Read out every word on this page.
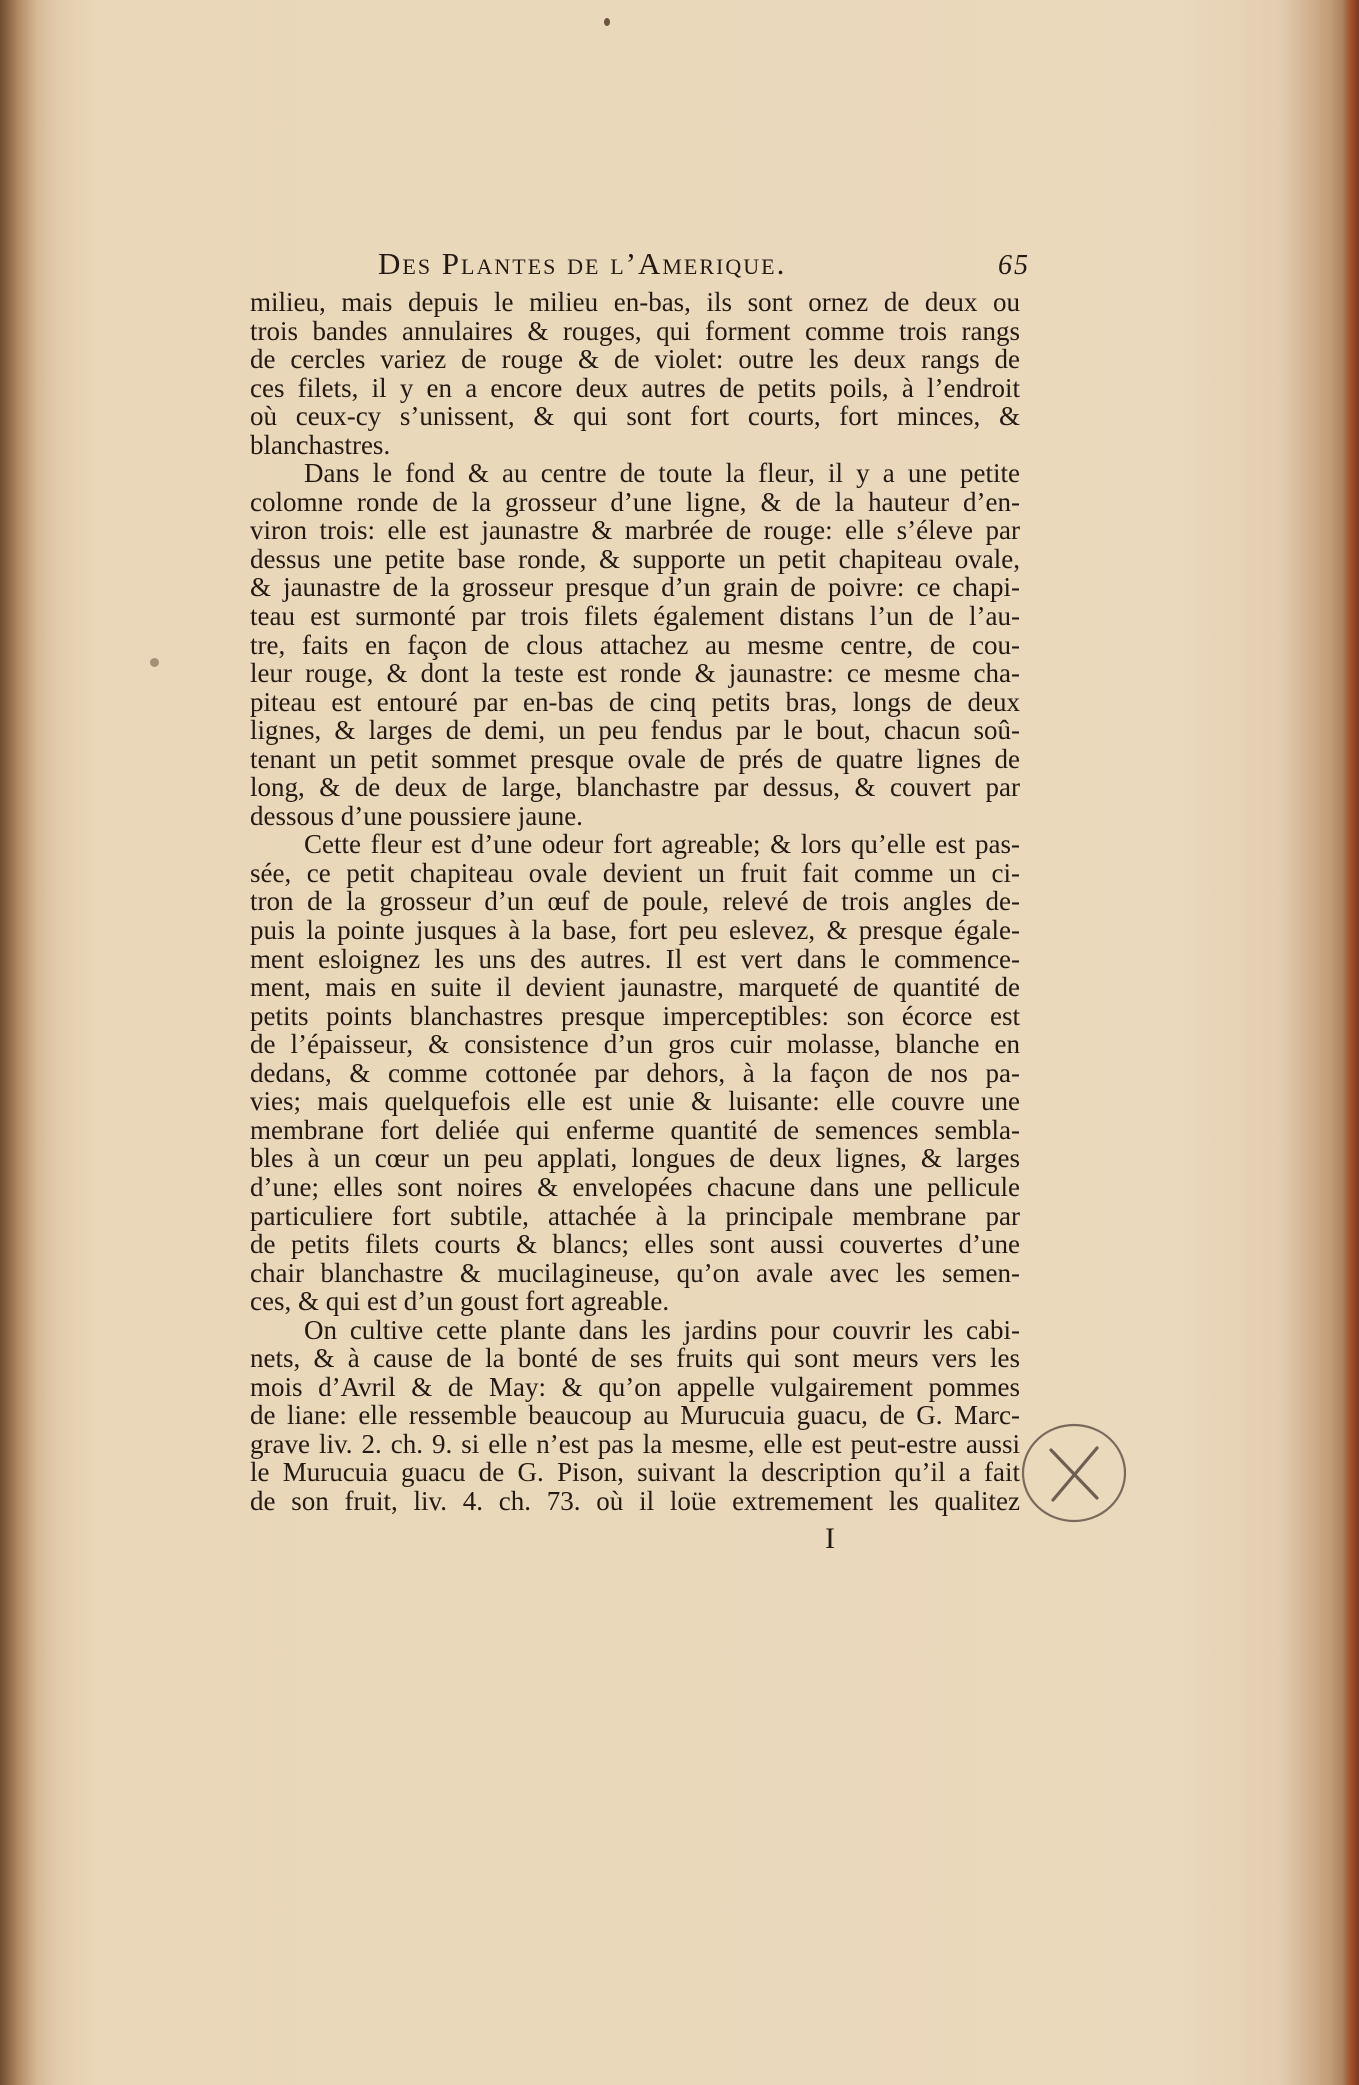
Des Plantes de l’Amerique.	65
milieu, mais depuis le milieu en-bas, ils sont ornez de deux ou
trois bandes annulaires & rouges, qui forment comme trois rangs
de cercles variez de rouge & de violet: outre les deux rangs de
ces filets, il y en a encore deux autres de petits poils, à l’endroit
où ceux-cy s’unissent, & qui sont fort courts, fort minces, &
blanchastres.
Dans le fond & au centre de toute la fleur, il y a une petite
colomne ronde de la grosseur d’une ligne, & de la hauteur d’en-
viron trois: elle est jaunastre & marbrée de rouge: elle s’éleve par
dessus une petite base ronde, & supporte un petit chapiteau ovale,
& jaunastre de la grosseur presque d’un grain de poivre: ce chapi-
teau est surmonté par trois filets également distans l’un de l’au-
tre, faits en façon de clous attachez au mesme centre, de cou-
leur rouge, & dont la teste est ronde & jaunastre: ce mesme cha-
piteau est entouré par en-bas de cinq petits bras, longs de deux
lignes, & larges de demi, un peu fendus par le bout, chacun soû-
tenant un petit sommet presque ovale de prés de quatre lignes de
long, & de deux de large, blanchastre par dessus, & couvert par
dessous d’une poussiere jaune.
Cette fleur est d’une odeur fort agreable; & lors qu’elle est pas-
sée, ce petit chapiteau ovale devient un fruit fait comme un ci-
tron de la grosseur d’un œuf de poule, relevé de trois angles de-
puis la pointe jusques à la base, fort peu eslevez, & presque égale-
ment esloignez les uns des autres. Il est vert dans le commence-
ment, mais en suite il devient jaunastre, marqueté de quantité de
petits points blanchastres presque imperceptibles: son écorce est
de l’épaisseur, & consistence d’un gros cuir molasse, blanche en
dedans, & comme cottonée par dehors, à la façon de nos pa-
vies; mais quelquefois elle est unie & luisante: elle couvre une
membrane fort deliée qui enferme quantité de semences sembla-
bles à un cœur un peu applati, longues de deux lignes, & larges
d’une; elles sont noires & envelopées chacune dans une pellicule
particuliere fort subtile, attachée à la principale membrane par
de petits filets courts & blancs; elles sont aussi couvertes d’une
chair blanchastre & mucilagineuse, qu’on avale avec les semen-
ces, & qui est d’un goust fort agreable.
On cultive cette plante dans les jardins pour couvrir les cabi-
nets, & à cause de la bonté de ses fruits qui sont meurs vers les
mois d’Avril & de May: & qu’on appelle vulgairement pommes
de liane: elle ressemble beaucoup au Murucuia guacu, de G. Marc-
grave liv. 2. ch. 9. si elle n’est pas la mesme, elle est peut-estre aussi
le Murucuia guacu de G. Pison, suivant la description qu’il a fait
de son fruit, liv. 4. ch. 73. où il loüe extremement les qualitez
I
